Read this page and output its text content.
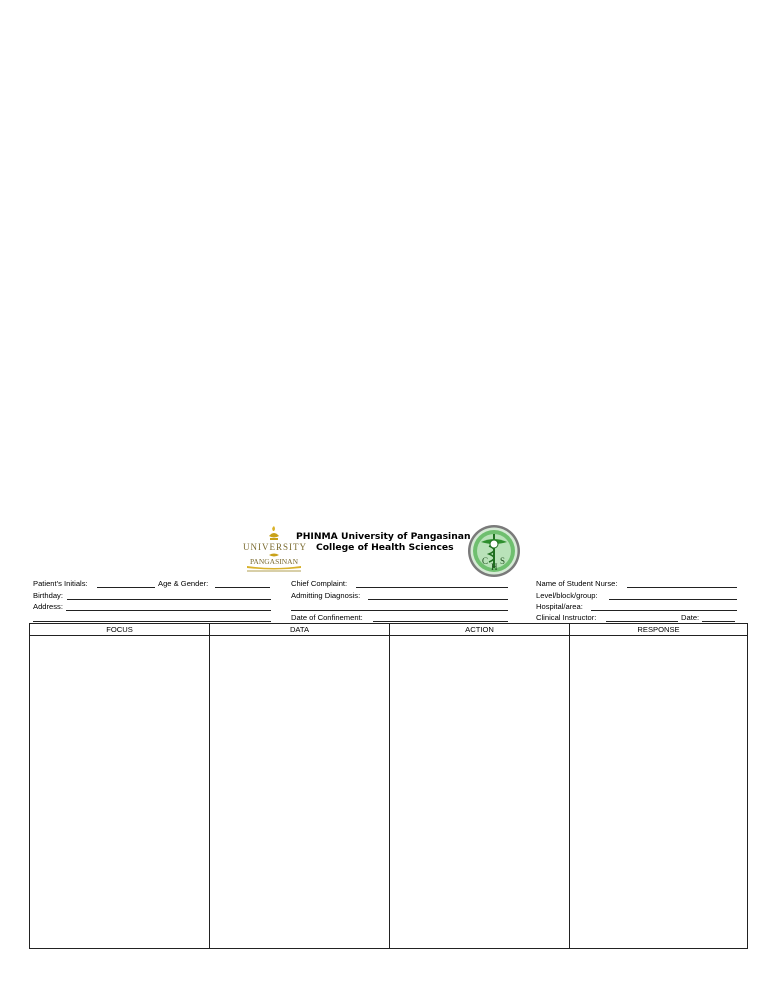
UNIVERSITY
PANGASINAN
PHINMA University of Pangasinan
College of Health Sciences
C
H
S
Patient's Initials:	Age & Gender:
Birthday:
Address:
Chief Complaint:
Admitting Diagnosis:
Date of Confinement:
Name of Student Nurse:
Level/block/group:
Hospital/area:
Clinical Instructor:	Date:
FOCUS	DATA	ACTION	RESPONSE
